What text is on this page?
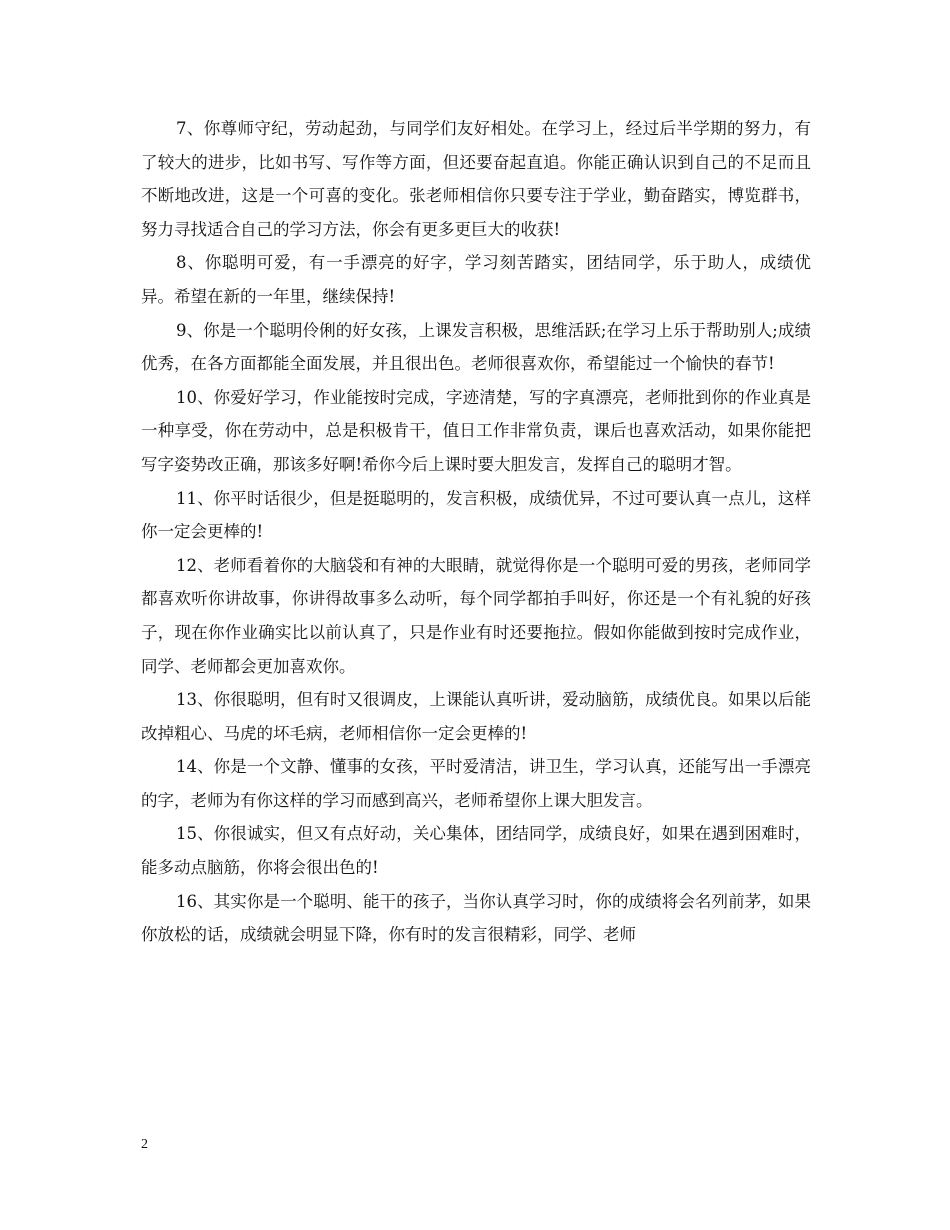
7、你尊师守纪，劳动起劲，与同学们友好相处。在学习上，经过后半学期的努力，有了较大的进步，比如书写、写作等方面，但还要奋起直追。你能正确认识到自己的不足而且不断地改进，这是一个可喜的变化。张老师相信你只要专注于学业，勤奋踏实，博览群书，努力寻找适合自己的学习方法，你会有更多更巨大的收获!

8、你聪明可爱，有一手漂亮的好字，学习刻苦踏实，团结同学，乐于助人，成绩优异。希望在新的一年里，继续保持!

9、你是一个聪明伶俐的好女孩，上课发言积极，思维活跃;在学习上乐于帮助别人;成绩优秀，在各方面都能全面发展，并且很出色。老师很喜欢你，希望能过一个愉快的春节!

10、你爱好学习，作业能按时完成，字迹清楚，写的字真漂亮，老师批到你的作业真是一种享受，你在劳动中，总是积极肯干，值日工作非常负责，课后也喜欢活动，如果你能把写字姿势改正确，那该多好啊!希你今后上课时要大胆发言，发挥自己的聪明才智。

11、你平时话很少，但是挺聪明的，发言积极，成绩优异，不过可要认真一点儿，这样你一定会更棒的!

12、老师看着你的大脑袋和有神的大眼睛，就觉得你是一个聪明可爱的男孩，老师同学都喜欢听你讲故事，你讲得故事多么动听，每个同学都拍手叫好，你还是一个有礼貌的好孩子，现在你作业确实比以前认真了，只是作业有时还要拖拉。假如你能做到按时完成作业，同学、老师都会更加喜欢你。

13、你很聪明，但有时又很调皮，上课能认真听讲，爱动脑筋，成绩优良。如果以后能改掉粗心、马虎的坏毛病，老师相信你一定会更棒的!

14、你是一个文静、懂事的女孩，平时爱清洁，讲卫生，学习认真，还能写出一手漂亮的字，老师为有你这样的学习而感到高兴，老师希望你上课大胆发言。

15、你很诚实，但又有点好动，关心集体，团结同学，成绩良好，如果在遇到困难时，能多动点脑筋，你将会很出色的!

16、其实你是一个聪明、能干的孩子，当你认真学习时，你的成绩将会名列前茅，如果你放松的话，成绩就会明显下降，你有时的发言很精彩，同学、老师

2
